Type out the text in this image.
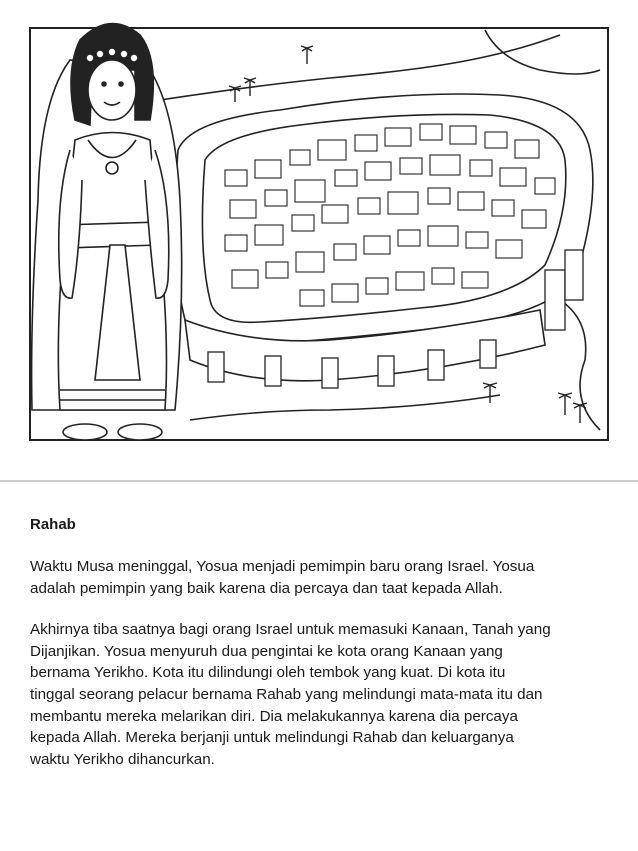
Rahab

Waktu Musa meninggal, Yosua menjadi pemimpin baru orang Israel. Yosua
adalah pemimpin yang baik karena dia percaya dan taat kepada Allah.

Akhirnya tiba saatnya bagi orang Israel untuk memasuki Kanaan, Tanah yang
Dijanjikan. Yosua menyuruh dua pengintai ke kota orang Kanaan yang
bernama Yerikho. Kota itu dilindungi oleh tembok yang kuat. Di kota itu
tinggal seorang pelacur bernama Rahab yang melindungi mata-mata itu dan
membantu mereka melarikan diri. Dia melakukannya karena dia percaya
kepada Allah. Mereka berjanji untuk melindungi Rahab dan keluarganya
waktu Yerikho dihancurkan.
